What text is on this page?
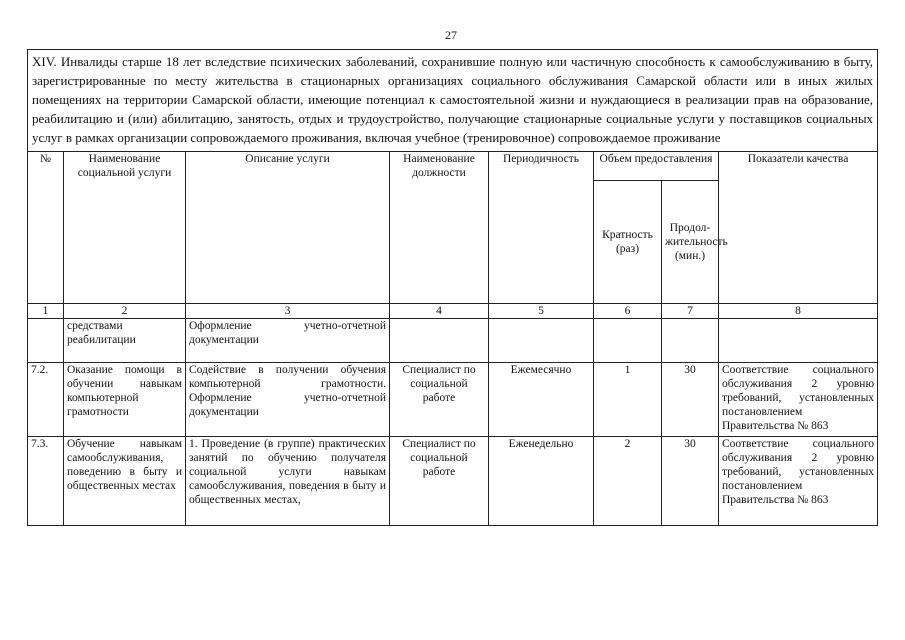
27
XIV. Инвалиды старше 18 лет вследствие психических заболеваний, сохранившие полную или частичную способность к самообслуживанию в быту, зарегистрированные по месту жительства в стационарных организациях социального обслуживания Самарской области или в иных жилых помещениях на территории Самарской области, имеющие потенциал к самостоятельной жизни и нуждающиеся в реализации прав на образование, реабилитацию и (или) абилитацию, занятость, отдых и трудоустройство, получающие стационарные социальные услуги у поставщиков социальных услуг в рамках организации сопровождаемого проживания, включая учебное (тренировочное) сопровождаемое проживание							
№	Наименование социальной услуги	Описание услуги	Наименование должности	Периодичность	Объем предоставления		Показатели качества
					Кратность (раз)	Продол-жительность (мин.)	
1	2	3	4	5	6	7	8
	средствами реабилитации	Оформление учетно-отчетной документации					
7.2.	Оказание помощи в обучении навыкам компьютерной грамотности	Содействие в получении обучения компьютерной грамотности. Оформление учетно-отчетной документации	Специалист по социальной работе	Ежемесячно	1	30	Соответствие социального обслуживания 2 уровню требований, установленных постановлением Правительства № 863
7.3.	Обучение навыкам самообслуживания, поведению в быту и общественных местах	1. Проведение (в группе) практических занятий по обучению получателя социальной услуги навыкам самообслуживания, поведения в быту и общественных местах,	Специалист по социальной работе	Еженедельно	2	30	Соответствие социального обслуживания 2 уровню требований, установленных постановлением Правительства № 863
